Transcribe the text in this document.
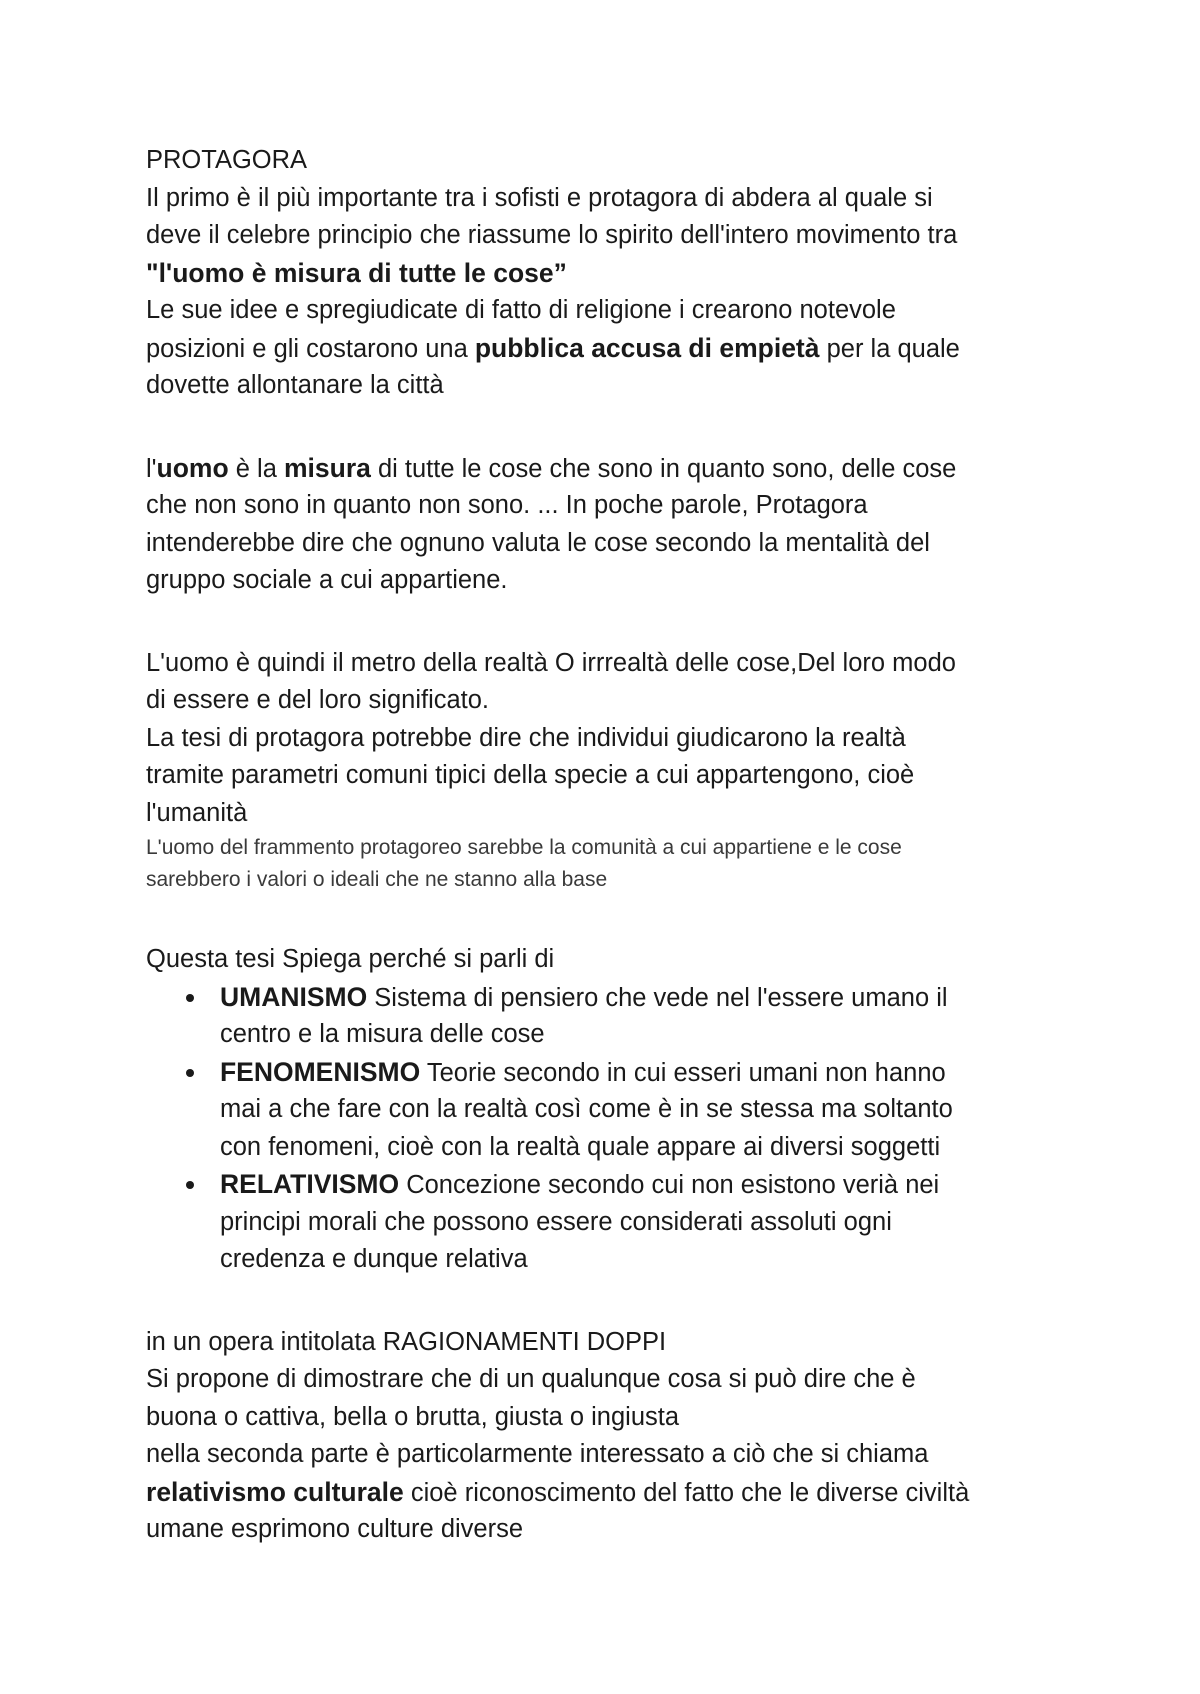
PROTAGORA
Il primo è il più importante tra i sofisti e protagora di abdera al quale si
deve il celebre principio che riassume lo spirito dell'intero movimento tra
"l'uomo è misura di tutte le cose”
Le sue idee e spregiudicate di fatto di religione i crearono notevole
posizioni e gli costarono una pubblica accusa di empietà per la quale
dovette allontanare la città
l'uomo è la misura di tutte le cose che sono in quanto sono, delle cose
che non sono in quanto non sono. ... In poche parole, Protagora
intenderebbe dire che ognuno valuta le cose secondo la mentalità del
gruppo sociale a cui appartiene.
L'uomo è quindi il metro della realtà O irrrealtà delle cose,Del loro modo
di essere e del loro significato.
La tesi di protagora potrebbe dire che individui giudicarono la realtà
tramite parametri comuni tipici della specie a cui appartengono, cioè
l'umanità
L'uomo del frammento protagoreo sarebbe la comunità a cui appartiene e le cose
sarebbero i valori o ideali che ne stanno alla base
Questa tesi Spiega perché si parli di
UMANISMO Sistema di pensiero che vede nel l'essere umano il
centro e la misura delle cose
FENOMENISMO Teorie secondo in cui esseri umani non hanno
mai a che fare con la realtà così come è in se stessa ma soltanto
con fenomeni, cioè con la realtà quale appare ai diversi soggetti
RELATIVISMO Concezione secondo cui non esistono verià nei
principi morali che possono essere considerati assoluti ogni
credenza e dunque relativa
in un opera intitolata RAGIONAMENTI DOPPI
Si propone di dimostrare che di un qualunque cosa si può dire che è
buona o cattiva, bella o brutta, giusta o ingiusta
nella seconda parte è particolarmente interessato a ciò che si chiama
relativismo culturale cioè riconoscimento del fatto che le diverse civiltà
umane esprimono culture diverse
